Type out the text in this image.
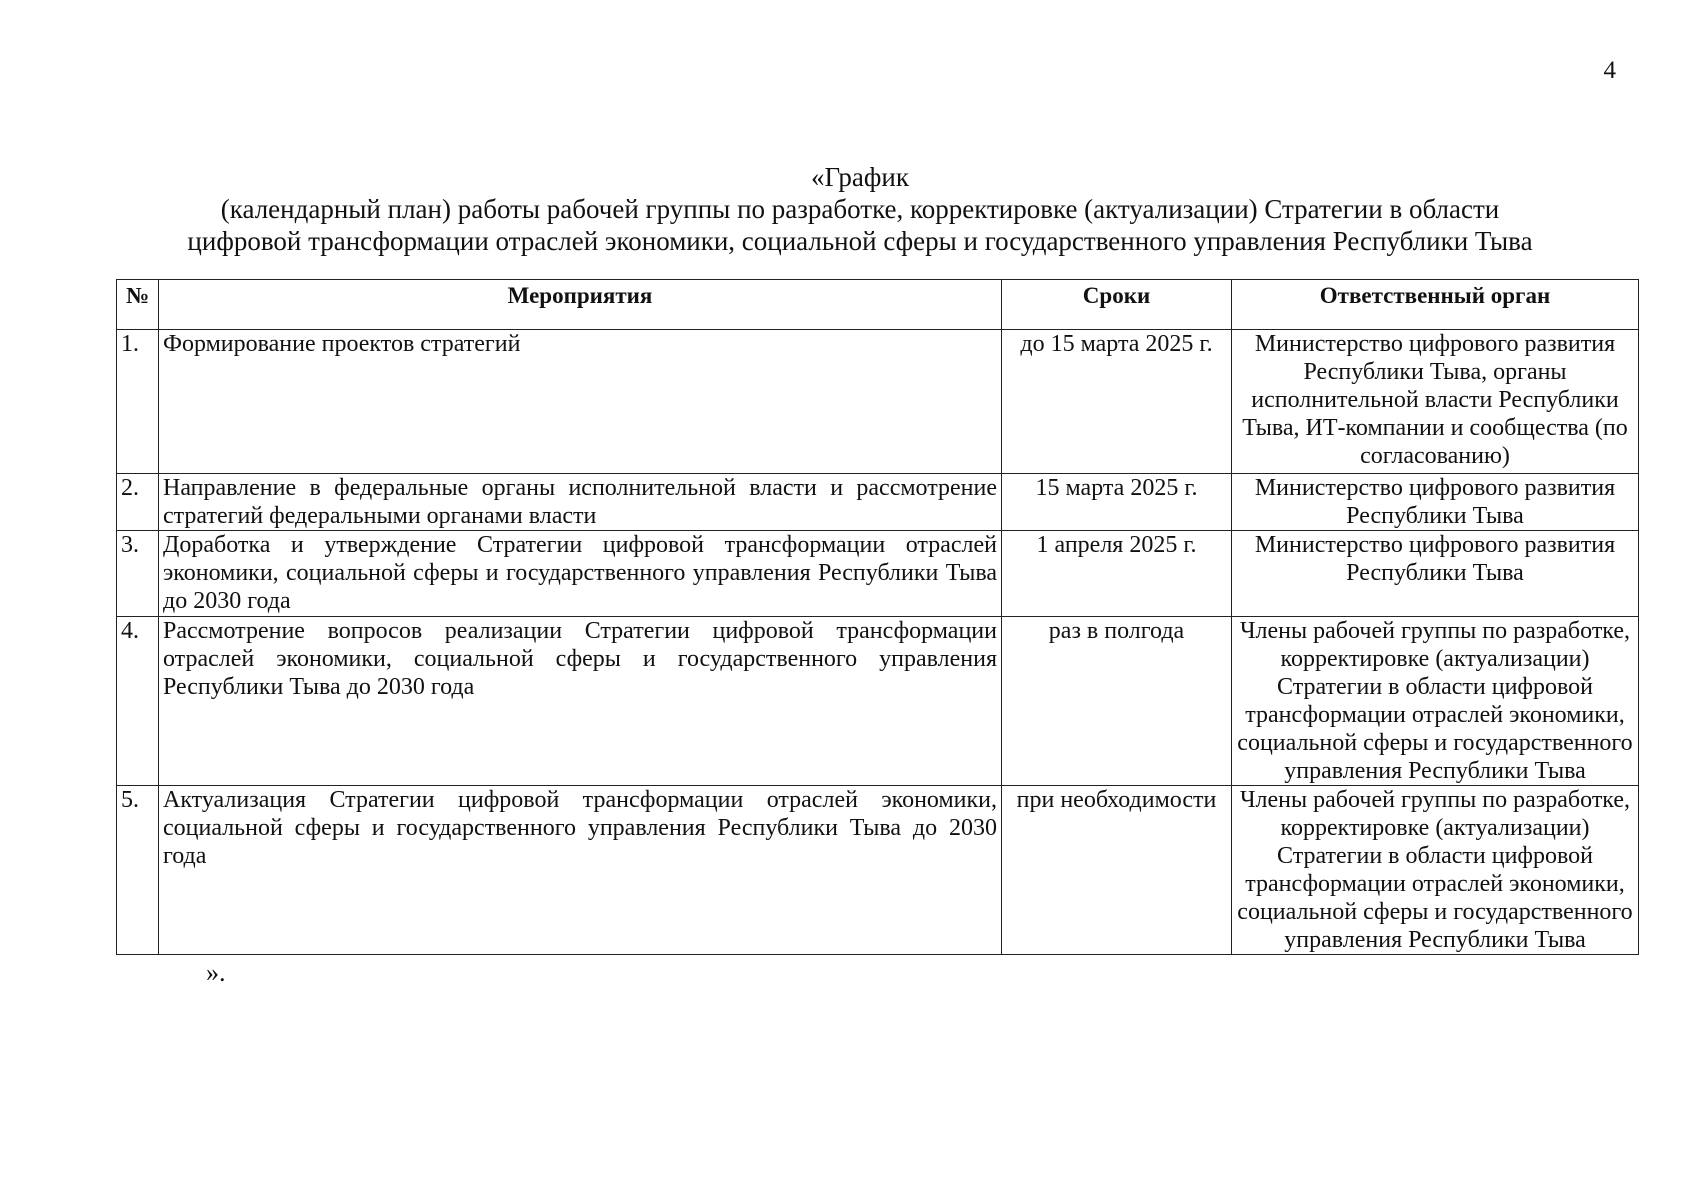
4
«График
(календарный план) работы рабочей группы по разработке, корректировке (актуализации) Стратегии в области
цифровой трансформации отраслей экономики, социальной сферы и государственного управления Республики Тыва
№	Мероприятия	Сроки	Ответственный орган
1.	Формирование проектов стратегий	до 15 марта 2025 г.	Министерство цифрового развития Республики Тыва, органы исполнительной власти Республики Тыва, ИТ-компании и сообщества (по согласованию)
2.	Направление в федеральные органы исполнительной власти и рассмотрение стратегий федеральными органами власти	15 марта 2025 г.	Министерство цифрового развития Республики Тыва
3.	Доработка и утверждение Стратегии цифровой трансформации отраслей экономики, социальной сферы и государственного управления Республики Тыва до 2030 года	1 апреля 2025 г.	Министерство цифрового развития Республики Тыва
4.	Рассмотрение вопросов реализации Стратегии цифровой трансформации отраслей экономики, социальной сферы и государственного управления Республики Тыва до 2030 года	раз в полгода	Члены рабочей группы по разработке, корректировке (актуализации) Стратегии в области цифровой трансформации отраслей экономики, социальной сферы и государственного управления Республики Тыва
5.	Актуализация Стратегии цифровой трансформации отраслей экономики, социальной сферы и государственного управления Республики Тыва до 2030 года	при необходимости	Члены рабочей группы по разработке, корректировке (актуализации) Стратегии в области цифровой трансформации отраслей экономики, социальной сферы и государственного управления Республики Тыва
».
